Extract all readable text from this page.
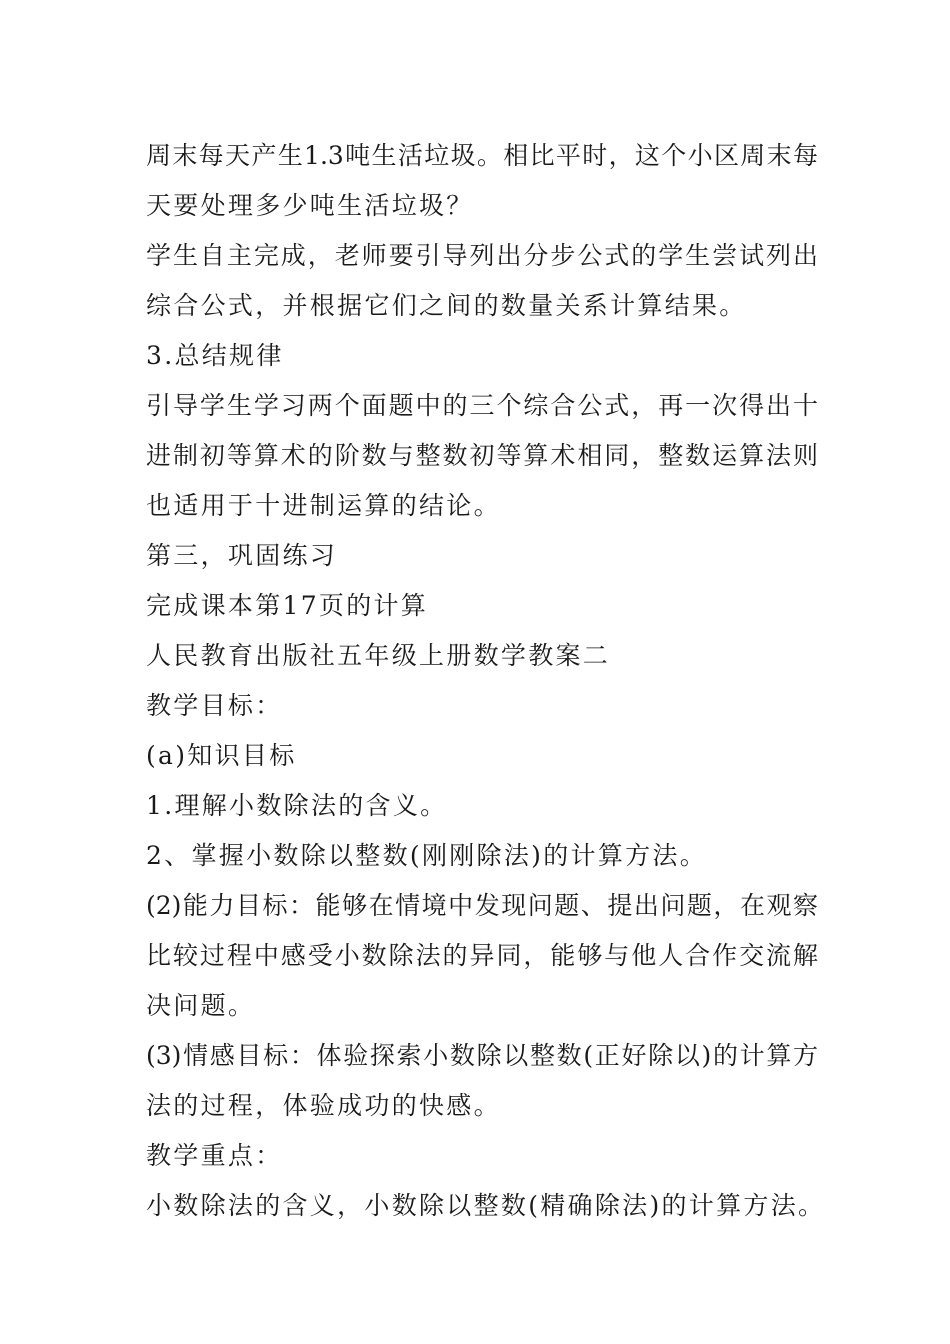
周末每天产生1.3吨生活垃圾。相比平时，这个小区周末每
天要处理多少吨生活垃圾？
学生自主完成，老师要引导列出分步公式的学生尝试列出
综合公式，并根据它们之间的数量关系计算结果。
3.总结规律
引导学生学习两个面题中的三个综合公式，再一次得出十
进制初等算术的阶数与整数初等算术相同，整数运算法则
也适用于十进制运算的结论。
第三，巩固练习
完成课本第17页的计算
人民教育出版社五年级上册数学教案二
教学目标：
(a)知识目标
1.理解小数除法的含义。
2、掌握小数除以整数(刚刚除法)的计算方法。
(2)能力目标：能够在情境中发现问题、提出问题，在观察
比较过程中感受小数除法的异同，能够与他人合作交流解
决问题。
(3)情感目标：体验探索小数除以整数(正好除以)的计算方
法的过程，体验成功的快感。
教学重点：
小数除法的含义，小数除以整数(精确除法)的计算方法。
